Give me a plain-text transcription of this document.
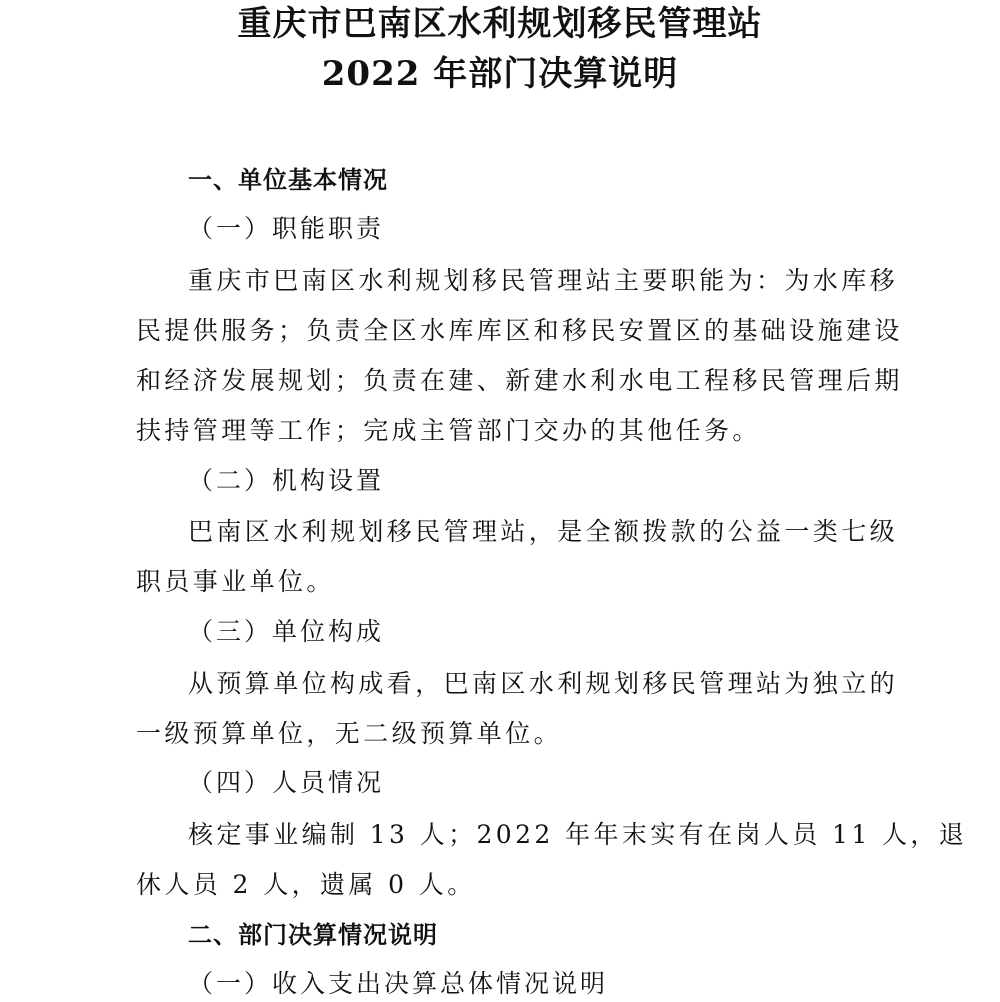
重庆市巴南区水利规划移民管理站
2022 年部门决算说明

一、单位基本情况

（一）职能职责

重庆市巴南区水利规划移民管理站主要职能为：为水库移

民提供服务；负责全区水库库区和移民安置区的基础设施建设

和经济发展规划；负责在建、新建水利水电工程移民管理后期

扶持管理等工作；完成主管部门交办的其他任务。

（二）机构设置

巴南区水利规划移民管理站，是全额拨款的公益一类七级

职员事业单位。

（三）单位构成

从预算单位构成看，巴南区水利规划移民管理站为独立的

一级预算单位，无二级预算单位。

（四）人员情况

核定事业编制 13 人；2022 年年末实有在岗人员 11 人，退

休人员 2 人，遗属 0 人。

二、部门决算情况说明

（一）收入支出决算总体情况说明
